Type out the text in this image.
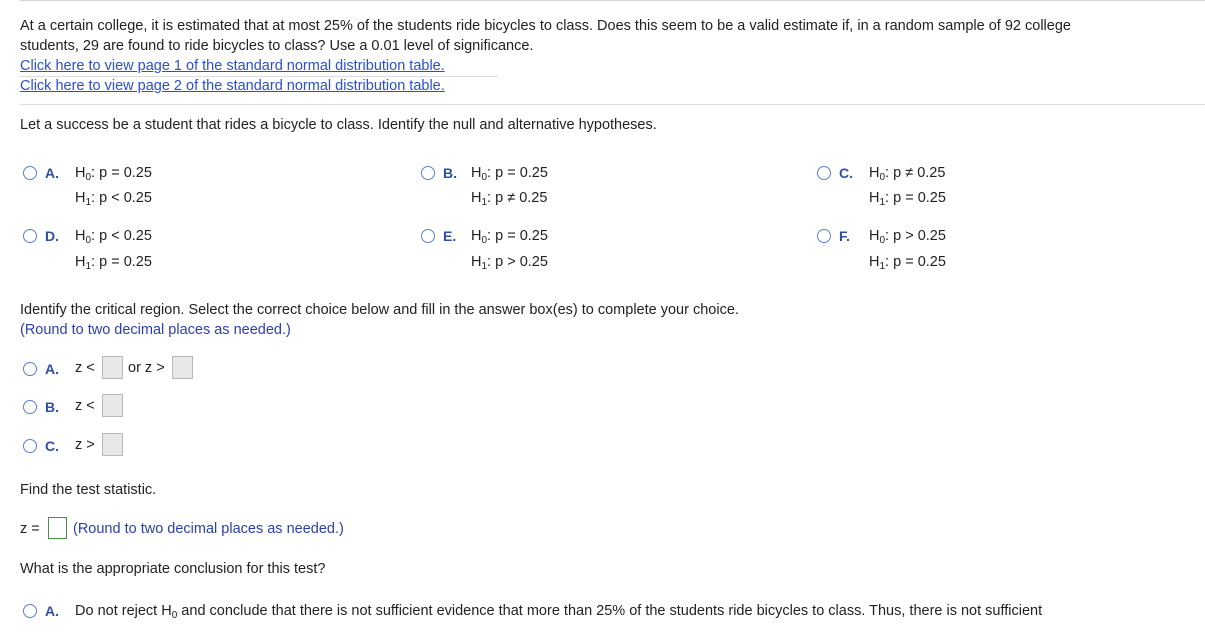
At a certain college, it is estimated that at most 25% of the students ride bicycles to class. Does this seem to be a valid estimate if, in a random sample of 92 college
students, 29 are found to ride bicycles to class? Use a 0.01 level of significance.
Click here to view page 1 of the standard normal distribution table.
Click here to view page 2 of the standard normal distribution table.
Let a success be a student that rides a bicycle to class. Identify the null and alternative hypotheses.
A. $H_0$: p = 0.25
$H_1$: p < 0.25
B. $H_0$: p = 0.25
$H_1$: p ≠ 0.25
C. $H_0$: p ≠ 0.25
$H_1$: p = 0.25
D. $H_0$: p < 0.25
$H_1$: p = 0.25
E. $H_0$: p = 0.25
$H_1$: p > 0.25
F. $H_0$: p > 0.25
$H_1$: p = 0.25
Identify the critical region. Select the correct choice below and fill in the answer box(es) to complete your choice.
(Round to two decimal places as needed.)
A. z < or z >
B. z <
C. z >
Find the test statistic.
z = (Round to two decimal places as needed.)
What is the appropriate conclusion for this test?
A. Do not reject $H_0$ and conclude that there is not sufficient evidence that more than 25% of the students ride bicycles to class. Thus, there is not sufficient
